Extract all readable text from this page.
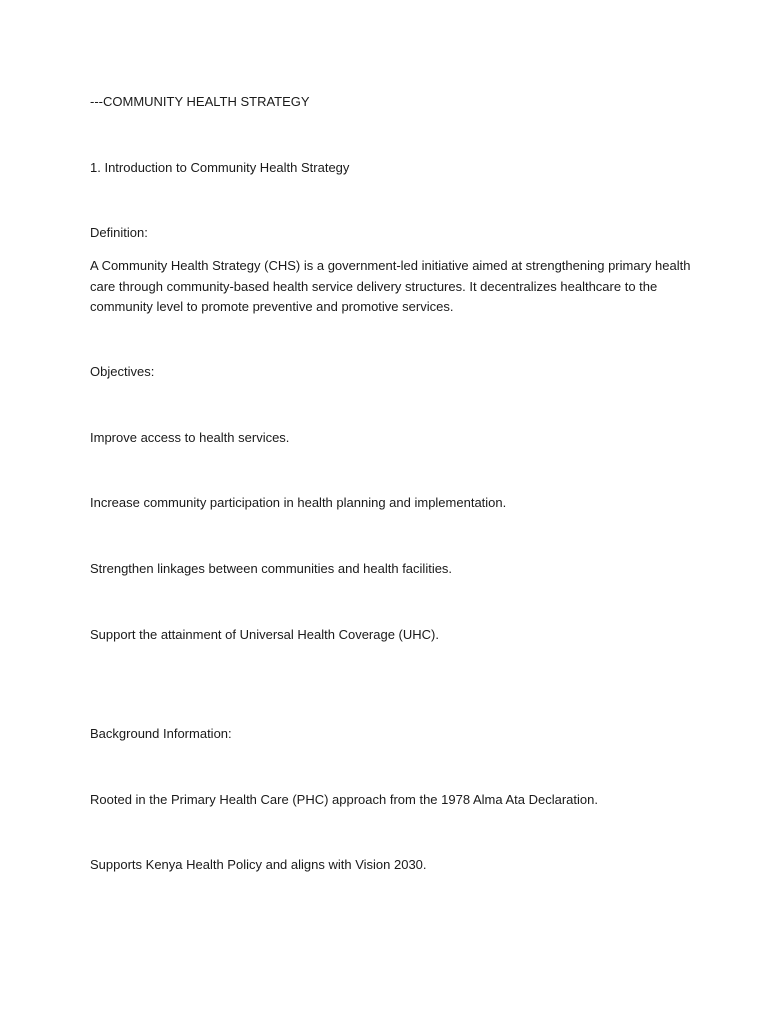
---COMMUNITY HEALTH STRATEGY

1. Introduction to Community Health Strategy

Definition:

A Community Health Strategy (CHS) is a government-led initiative aimed at strengthening primary health
care through community-based health service delivery structures. It decentralizes healthcare to the
community level to promote preventive and promotive services.

Objectives:

Improve access to health services.

Increase community participation in health planning and implementation.

Strengthen linkages between communities and health facilities.

Support the attainment of Universal Health Coverage (UHC).

Background Information:

Rooted in the Primary Health Care (PHC) approach from the 1978 Alma Ata Declaration.

Supports Kenya Health Policy and aligns with Vision 2030.
